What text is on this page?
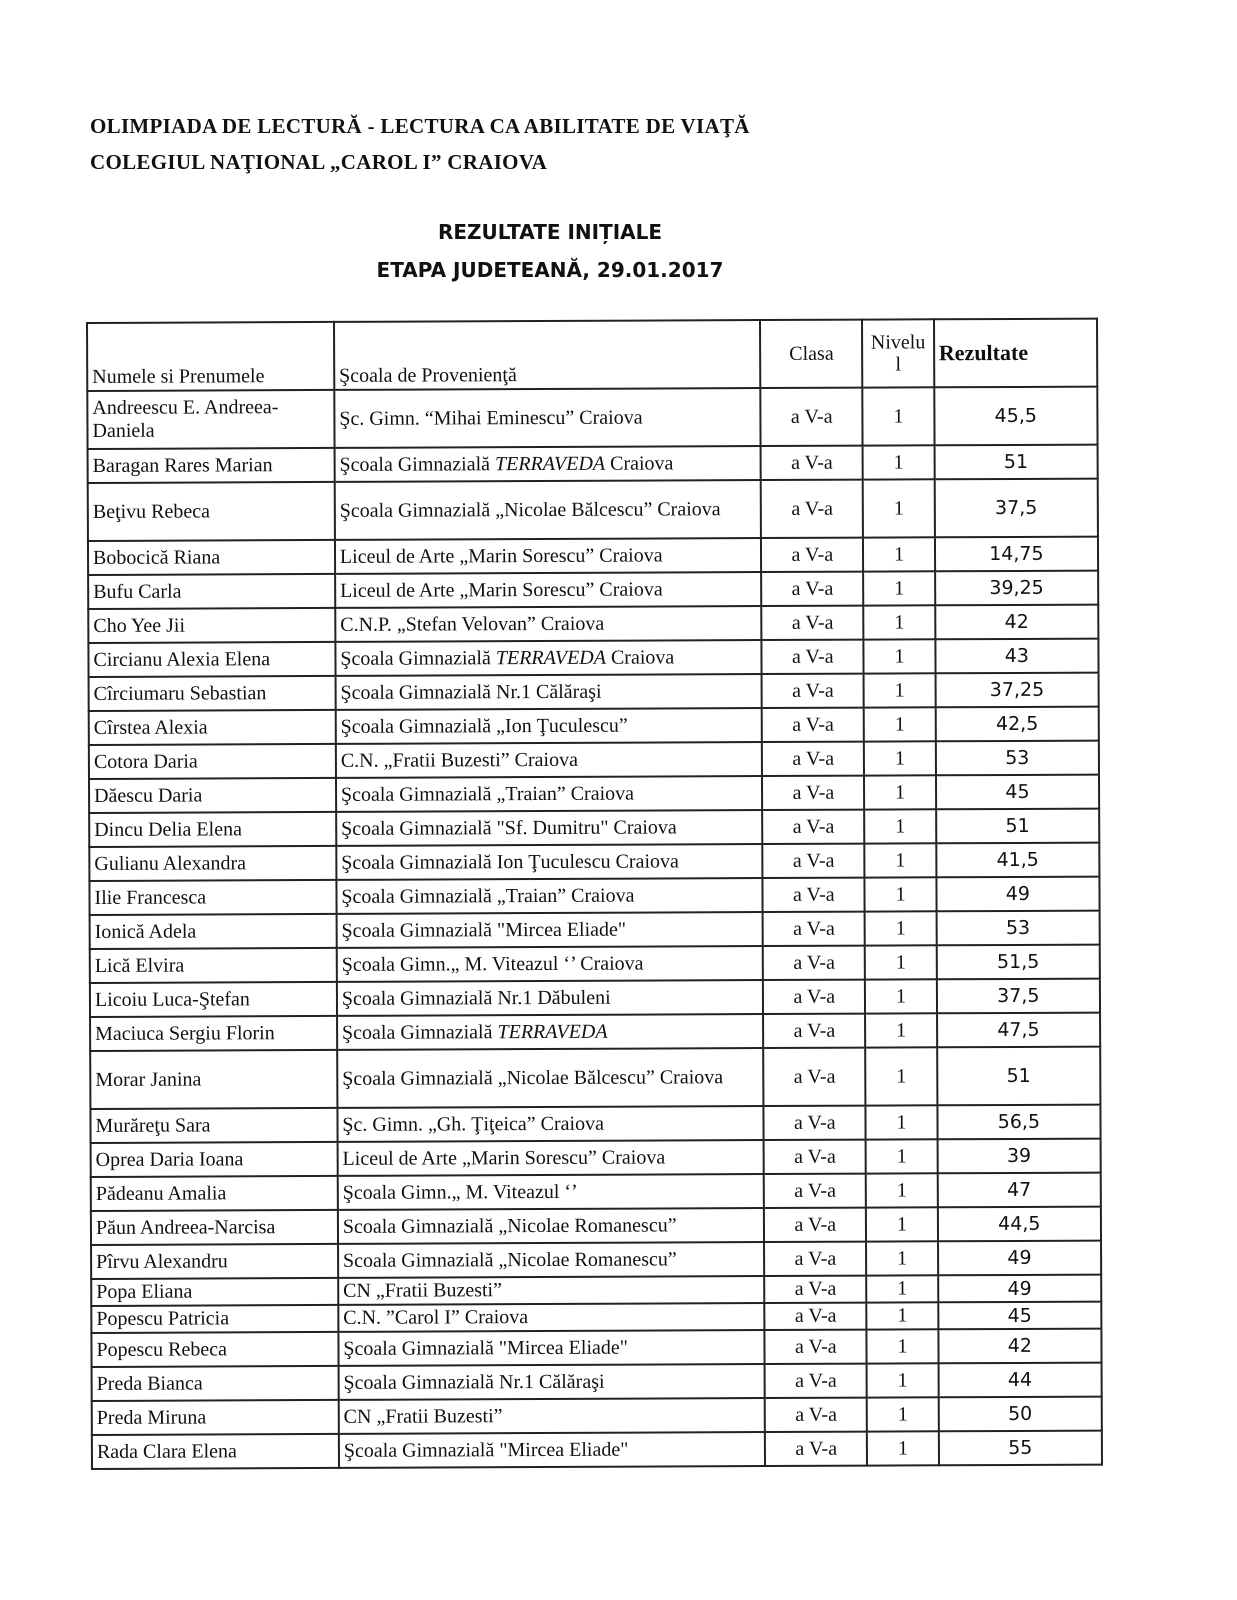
OLIMPIADA DE LECTURĂ - LECTURA CA ABILITATE DE VIAŢĂ
COLEGIUL NAŢIONAL „CAROL I” CRAIOVA
REZULTATE INIȚIALE
ETAPA JUDETEANĂ, 29.01.2017
Numele si Prenumele	Şcoala de Provenienţă	Clasa	Nivelu l	Rezultate
Andreescu E. Andreea-Daniela	Şc. Gimn. “Mihai Eminescu” Craiova	a V-a	1	45,5
Baragan Rares Marian	Şcoala Gimnazială TERRAVEDA Craiova	a V-a	1	51
Beţivu Rebeca	Şcoala Gimnazială „Nicolae Bălcescu” Craiova	a V-a	1	37,5
Bobocică Riana	Liceul de Arte „Marin Sorescu” Craiova	a V-a	1	14,75
Bufu Carla	Liceul de Arte „Marin Sorescu” Craiova	a V-a	1	39,25
Cho Yee Jii	C.N.P. „Stefan Velovan” Craiova	a V-a	1	42
Circianu Alexia Elena	Şcoala Gimnazială TERRAVEDA Craiova	a V-a	1	43
Cîrciumaru Sebastian	Şcoala Gimnazială Nr.1 Călăraşi	a V-a	1	37,25
Cîrstea Alexia	Şcoala Gimnazială „Ion Ţuculescu”	a V-a	1	42,5
Cotora Daria	C.N. „Fratii Buzesti” Craiova	a V-a	1	53
Dăescu Daria	Şcoala Gimnazială „Traian” Craiova	a V-a	1	45
Dincu Delia Elena	Şcoala Gimnazială "Sf. Dumitru" Craiova	a V-a	1	51
Gulianu Alexandra	Şcoala Gimnazială Ion Ţuculescu Craiova	a V-a	1	41,5
Ilie Francesca	Şcoala Gimnazială „Traian” Craiova	a V-a	1	49
Ionică Adela	Şcoala Gimnazială "Mircea Eliade"	a V-a	1	53
Lică Elvira	Şcoala Gimn.„ M. Viteazul ‘’ Craiova	a V-a	1	51,5
Licoiu Luca-Ştefan	Şcoala Gimnazială Nr.1 Dăbuleni	a V-a	1	37,5
Maciuca Sergiu Florin	Şcoala Gimnazială TERRAVEDA	a V-a	1	47,5
Morar Janina	Şcoala Gimnazială „Nicolae Bălcescu” Craiova	a V-a	1	51
Murăreţu Sara	Şc. Gimn. „Gh. Ţiţeica” Craiova	a V-a	1	56,5
Oprea Daria Ioana	Liceul de Arte „Marin Sorescu” Craiova	a V-a	1	39
Pădeanu Amalia	Şcoala Gimn.„ M. Viteazul ‘’	a V-a	1	47
Păun Andreea-Narcisa	Scoala Gimnazială „Nicolae Romanescu”	a V-a	1	44,5
Pîrvu Alexandru	Scoala Gimnazială „Nicolae Romanescu”	a V-a	1	49
Popa Eliana	CN „Fratii Buzesti”	a V-a	1	49
Popescu Patricia	C.N. ”Carol I” Craiova	a V-a	1	45
Popescu Rebeca	Şcoala Gimnazială "Mircea Eliade"	a V-a	1	42
Preda Bianca	Şcoala Gimnazială Nr.1 Călăraşi	a V-a	1	44
Preda Miruna	CN „Fratii Buzesti”	a V-a	1	50
Rada Clara Elena	Şcoala Gimnazială "Mircea Eliade"	a V-a	1	55
